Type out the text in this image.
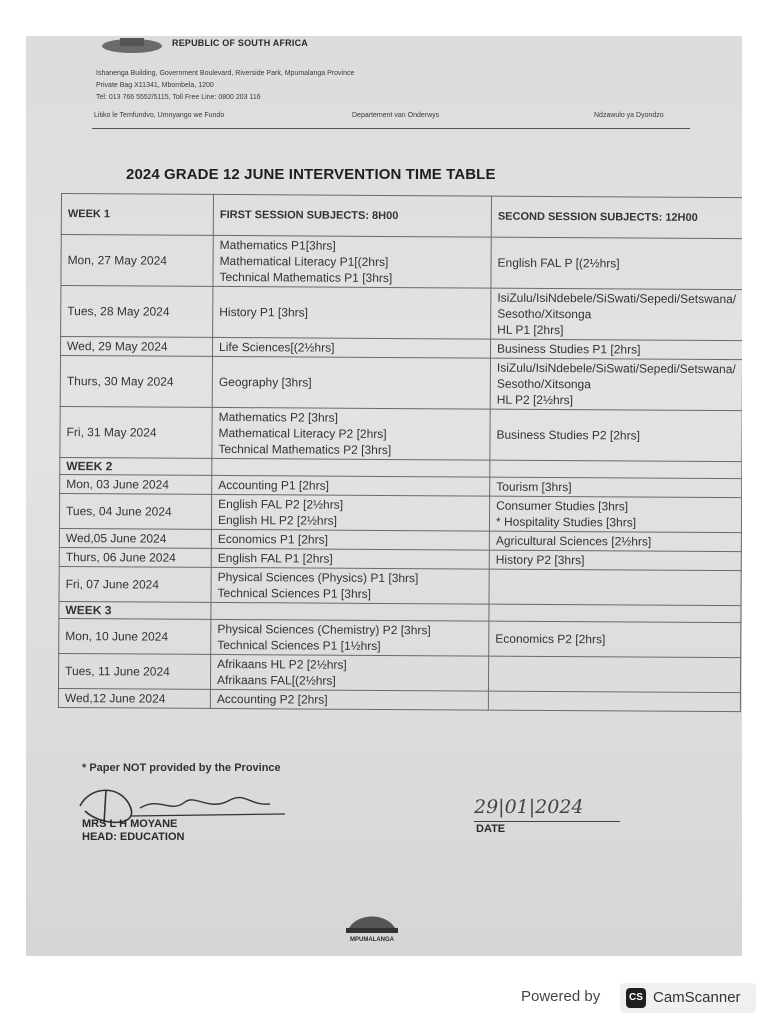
REPUBLIC OF SOUTH AFRICA
Ishanenga Building, Government Boulevard, Riverside Park, Mpumalanga Province
Private Bag X11341, Mbombela, 1200
Tel: 013 766 5552/5115, Toll Free Line: 0800 203 116
Litiko le Temfundvo, Umnyango we Fundo	Departement van Onderwys	Ndzawulo ya Dyondzo
2024 GRADE 12 JUNE INTERVENTION TIME TABLE
WEEK 1	FIRST SESSION SUBJECTS: 8H00	SECOND SESSION SUBJECTS: 12H00
Mon, 27 May 2024	Mathematics P1[3hrs]
Mathematical Literacy P1[(2hrs]
Technical Mathematics P1 [3hrs]	English FAL P [(2½hrs]

Tues, 28 May 2024	History P1 [3hrs]	IsiZulu/IsiNdebele/SiSwati/Sepedi/Setswana/ Sesotho/Xitsonga
HL P1 [2hrs]

Wed, 29 May 2024	Life Sciences[(2½hrs]	Business Studies P1 [2hrs]

Thurs, 30 May 2024	Geography [3hrs]	IsiZulu/IsiNdebele/SiSwati/Sepedi/Setswana/ Sesotho/Xitsonga
HL P2 [2½hrs]

Fri, 31 May 2024	Mathematics P2 [3hrs]
Mathematical Literacy P2 [2hrs]
Technical Mathematics P2 [3hrs]	Business Studies P2 [2hrs]

WEEK 2		
Mon, 03 June 2024	Accounting P1 [2hrs]	Tourism [3hrs]

Tues, 04 June 2024	English FAL P2 [2½hrs]
English HL P2 [2½hrs]	Consumer Studies [3hrs]
* Hospitality Studies [3hrs]

Wed,05 June 2024	Economics P1 [2hrs]	Agricultural Sciences [2½hrs]

Thurs, 06 June 2024	English FAL P1 [2hrs]	History P2 [3hrs]

Fri, 07 June 2024	Physical Sciences (Physics) P1 [3hrs]
Technical Sciences P1 [3hrs]	

WEEK 3		
Mon, 10 June 2024	Physical Sciences (Chemistry) P2 [3hrs]
Technical Sciences P1 [1½hrs]	Economics P2 [2hrs]

Tues, 11 June 2024	Afrikaans HL P2 [2½hrs]
Afrikaans FAL[(2½hrs]	

Wed,12 June 2024	Accounting P2 [2hrs]	

* Paper NOT provided by the Province
MRS L H MOYANE
HEAD: EDUCATION
29|01|2024
DATE
MPUMALANGA
Powered by	CS CamScanner
